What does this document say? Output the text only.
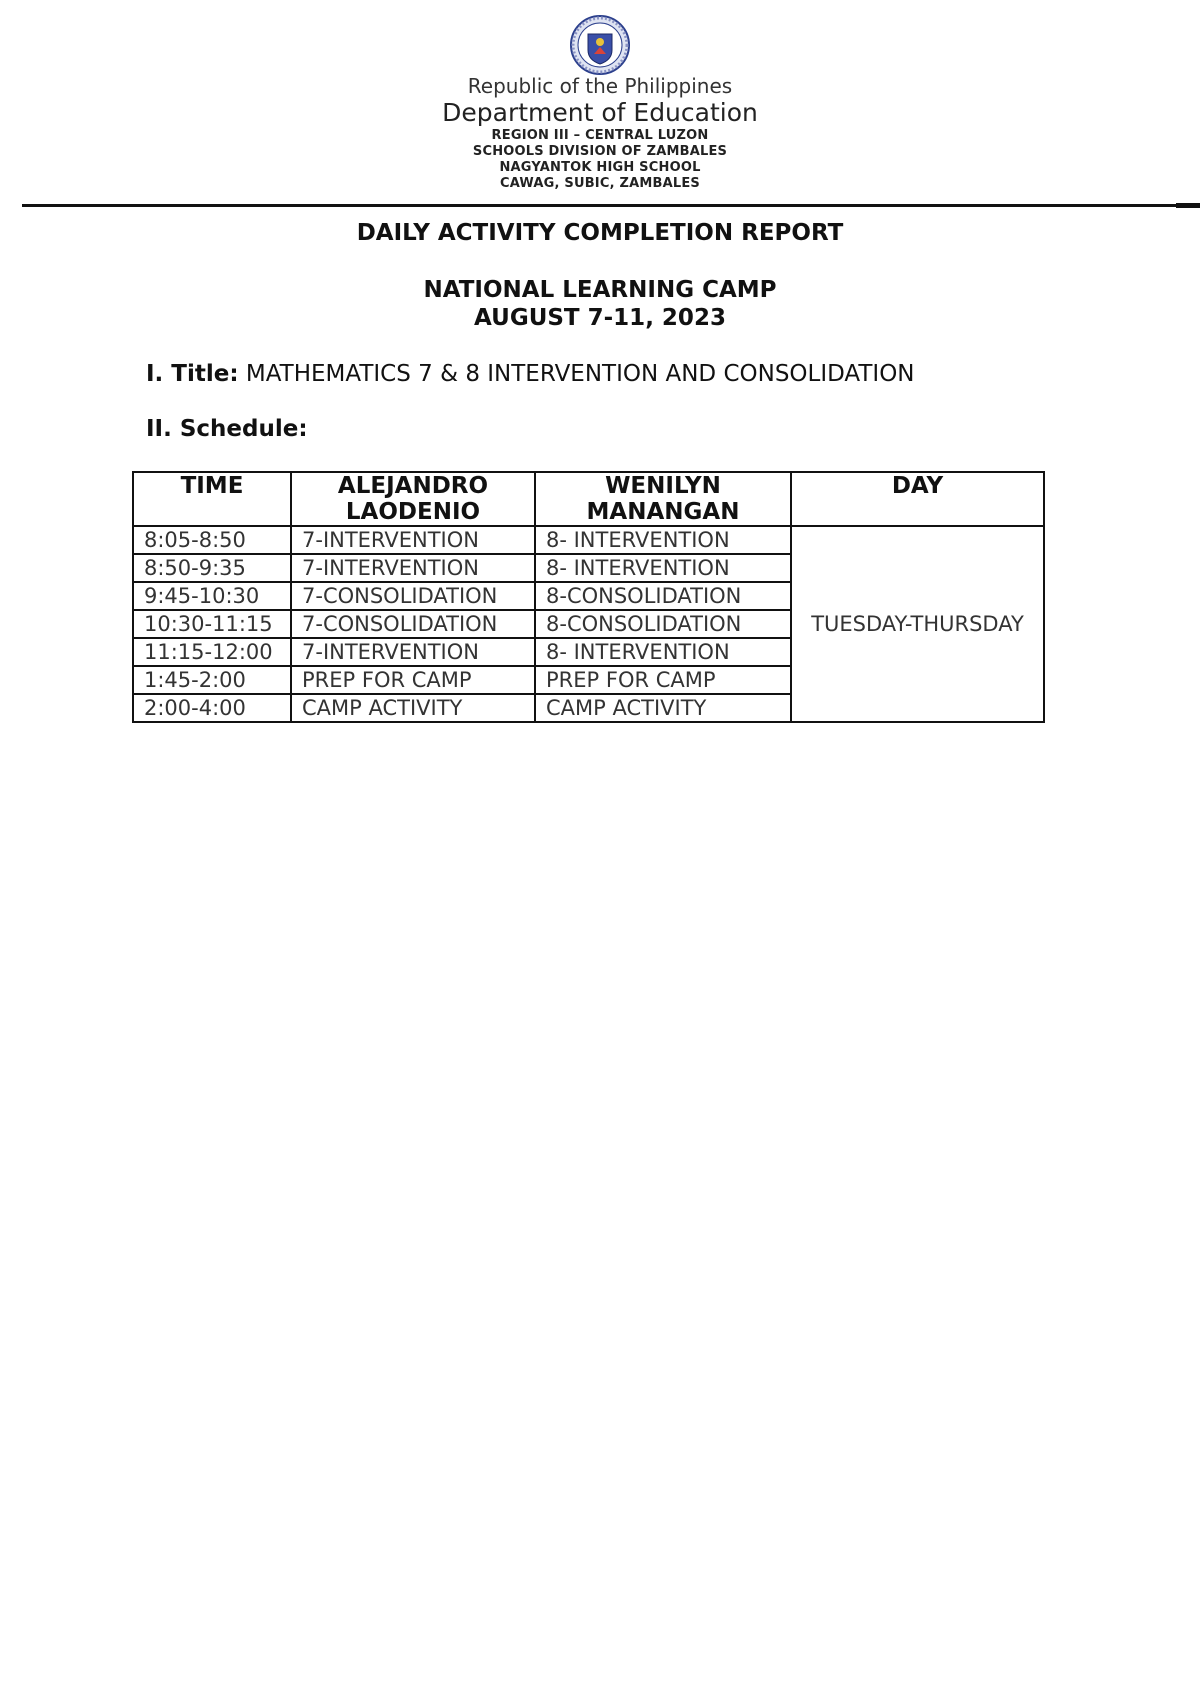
Republic of the Philippines
Department of Education
REGION III – CENTRAL LUZON
SCHOOLS DIVISION OF ZAMBALES
NAGYANTOK HIGH SCHOOL
CAWAG, SUBIC, ZAMBALES
DAILY ACTIVITY COMPLETION REPORT
NATIONAL LEARNING CAMP
AUGUST 7-11, 2023
I. Title: MATHEMATICS 7 & 8 INTERVENTION AND CONSOLIDATION
II. Schedule:
TIME	ALEJANDRO LAODENIO	WENILYN MANANGAN	DAY
8:05-8:50	7-INTERVENTION	8- INTERVENTION	TUESDAY-THURSDAY
8:50-9:35	7-INTERVENTION	8- INTERVENTION	
9:45-10:30	7-CONSOLIDATION	8-CONSOLIDATION	
10:30-11:15	7-CONSOLIDATION	8-CONSOLIDATION	
11:15-12:00	7-INTERVENTION	8- INTERVENTION	
1:45-2:00	PREP FOR CAMP	PREP FOR CAMP	
2:00-4:00	CAMP ACTIVITY	CAMP ACTIVITY	
